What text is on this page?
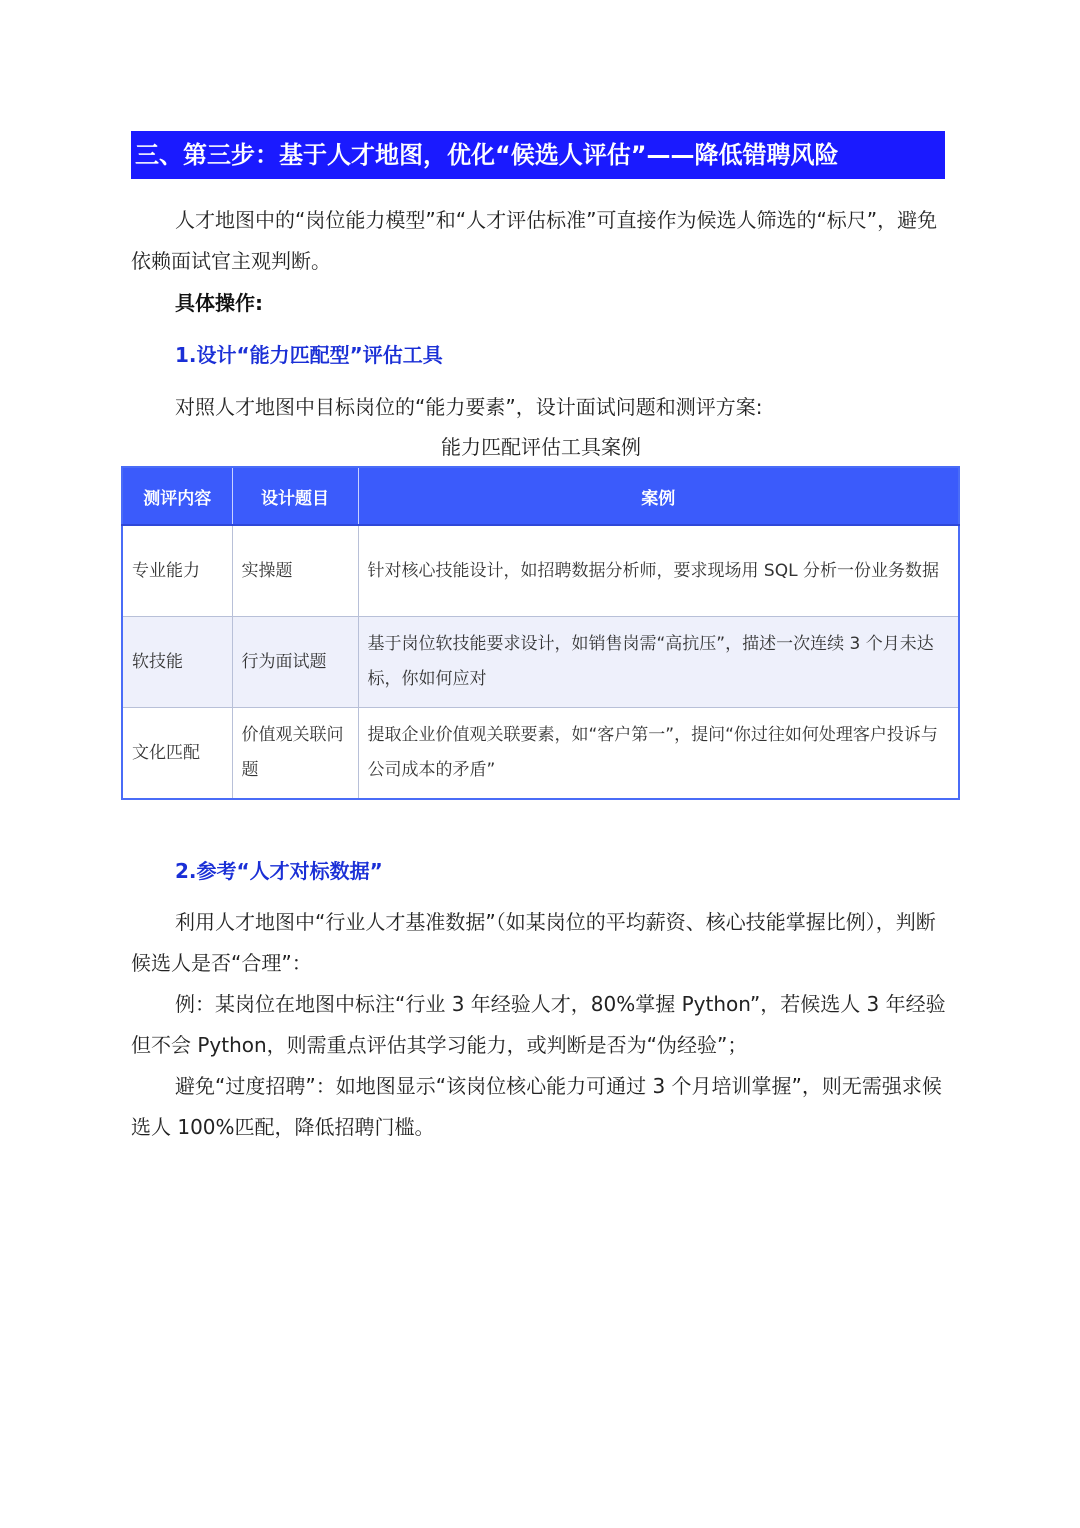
三、第三步：基于人才地图，优化“候选人评估”——降低错聘风险

人才地图中的“岗位能力模型”和“人才评估标准”可直接作为候选人筛选的“标尺”，避免依赖面试官主观判断。

具体操作:

1.设计“能力匹配型”评估工具

对照人才地图中目标岗位的“能力要素”，设计面试问题和测评方案:

能力匹配评估工具案例

测评内容	设计题目	案例
专业能力	实操题	针对核心技能设计，如招聘数据分析师，要求现场用 SQL 分析一份业务数据
软技能	行为面试题	基于岗位软技能要求设计，如销售岗需“高抗压”，描述一次连续 3 个月未达标，你如何应对
文化匹配	价值观关联问题	提取企业价值观关联要素，如“客户第一”，提问“你过往如何处理客户投诉与公司成本的矛盾”

2.参考“人才对标数据”

利用人才地图中“行业人才基准数据”（如某岗位的平均薪资、核心技能掌握比例），判断候选人是否“合理”：

例：某岗位在地图中标注“行业 3 年经验人才，80%掌握 Python”，若候选人 3 年经验但不会 Python，则需重点评估其学习能力，或判断是否为“伪经验”；

避免“过度招聘”：如地图显示“该岗位核心能力可通过 3 个月培训掌握”，则无需强求候选人 100%匹配，降低招聘门槛。
